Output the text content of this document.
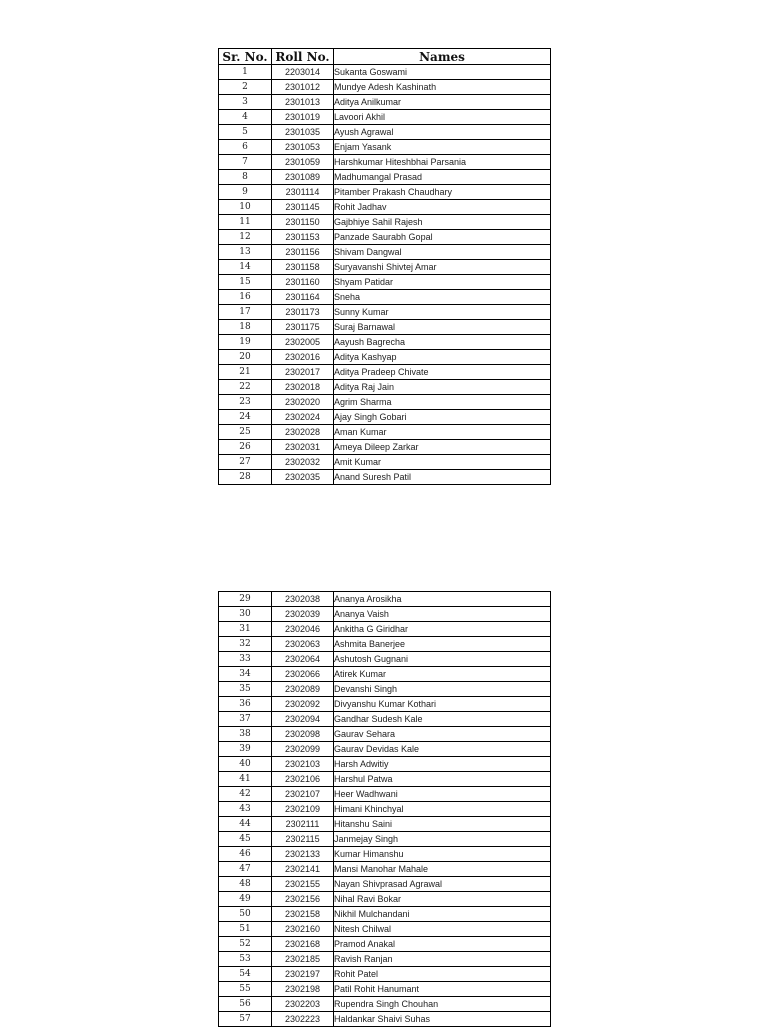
Sr. No.	Roll No.	Names
1	2203014	Sukanta Goswami
2	2301012	Mundye Adesh Kashinath
3	2301013	Aditya Anilkumar
4	2301019	Lavoori Akhil
5	2301035	Ayush Agrawal
6	2301053	Enjam Yasank
7	2301059	Harshkumar Hiteshbhai Parsania
8	2301089	Madhumangal Prasad
9	2301114	Pitamber Prakash Chaudhary
10	2301145	Rohit Jadhav
11	2301150	Gajbhiye Sahil Rajesh
12	2301153	Panzade Saurabh Gopal
13	2301156	Shivam Dangwal
14	2301158	Suryavanshi Shivtej Amar
15	2301160	Shyam Patidar
16	2301164	Sneha
17	2301173	Sunny Kumar
18	2301175	Suraj Barnawal
19	2302005	Aayush Bagrecha
20	2302016	Aditya Kashyap
21	2302017	Aditya Pradeep Chivate
22	2302018	Aditya Raj Jain
23	2302020	Agrim Sharma
24	2302024	Ajay Singh Gobari
25	2302028	Aman Kumar
26	2302031	Ameya Dileep Zarkar
27	2302032	Amit Kumar
28	2302035	Anand Suresh Patil
29	2302038	Ananya Arosikha
30	2302039	Ananya Vaish
31	2302046	Ankitha G Giridhar
32	2302063	Ashmita Banerjee
33	2302064	Ashutosh Gugnani
34	2302066	Atirek Kumar
35	2302089	Devanshi Singh
36	2302092	Divyanshu Kumar Kothari
37	2302094	Gandhar Sudesh Kale
38	2302098	Gaurav Sehara
39	2302099	Gaurav Devidas Kale
40	2302103	Harsh Adwitiy
41	2302106	Harshul Patwa
42	2302107	Heer Wadhwani
43	2302109	Himani Khinchyal
44	2302111	Hitanshu Saini
45	2302115	Janmejay Singh
46	2302133	Kumar Himanshu
47	2302141	Mansi Manohar Mahale
48	2302155	Nayan Shivprasad Agrawal
49	2302156	Nihal Ravi Bokar
50	2302158	Nikhil Mulchandani
51	2302160	Nitesh Chilwal
52	2302168	Pramod Anakal
53	2302185	Ravish Ranjan
54	2302197	Rohit Patel
55	2302198	Patil Rohit Hanumant
56	2302203	Rupendra Singh Chouhan
57	2302223	Haldankar Shaivi Suhas
